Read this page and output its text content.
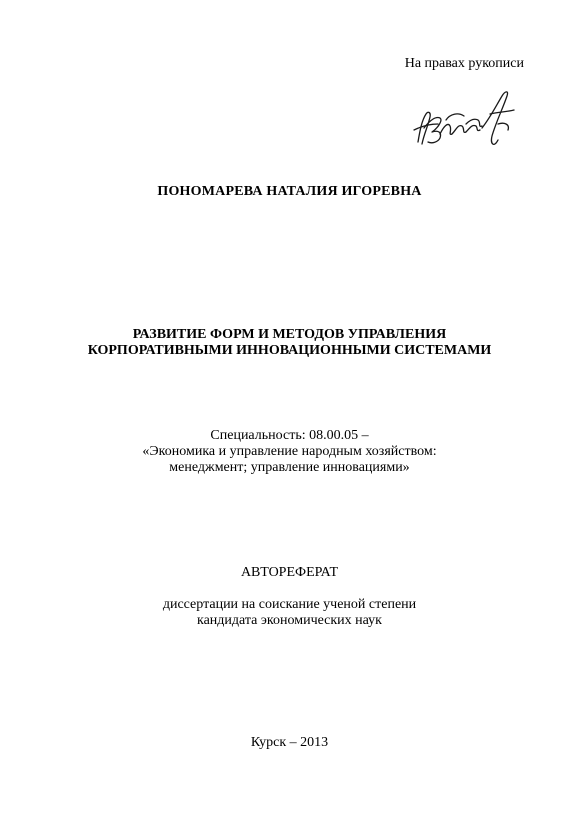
На правах рукописи
ПОНОМАРЕВА НАТАЛИЯ ИГОРЕВНА
РАЗВИТИЕ ФОРМ И МЕТОДОВ УПРАВЛЕНИЯ
КОРПОРАТИВНЫМИ ИННОВАЦИОННЫМИ СИСТЕМАМИ
Специальность: 08.00.05 –
«Экономика и управление народным хозяйством:
менеджмент; управление инновациями»
АВТОРЕФЕРАТ
диссертации на соискание ученой степени
кандидата экономических наук
Курск – 2013
